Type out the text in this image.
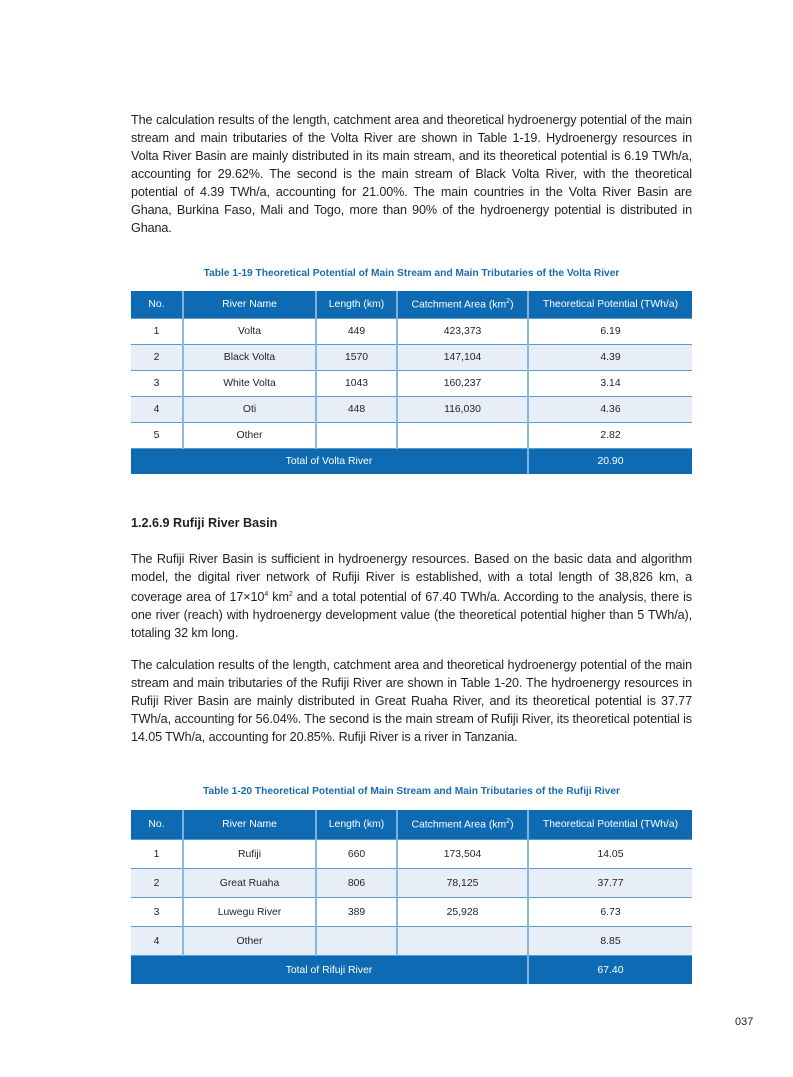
The calculation results of the length, catchment area and theoretical hydroenergy potential of the main stream and main tributaries of the Volta River are shown in Table 1-19. Hydroenergy resources in Volta River Basin are mainly distributed in its main stream, and its theoretical potential is 6.19 TWh/a, accounting for 29.62%. The second is the main stream of Black Volta River, with the theoretical potential of 4.39 TWh/a, accounting for 21.00%. The main countries in the Volta River Basin are Ghana, Burkina Faso, Mali and Togo, more than 90% of the hydroenergy potential is distributed in Ghana.

Table 1-19 Theoretical Potential of Main Stream and Main Tributaries of the Volta River
No.	River Name	Length (km)	Catchment Area $(km^2)$	Theoretical Potential (TWh/a)
1	Volta	449	423,373	6.19
2	Black Volta	1570	147,104	4.39
3	White Volta	1043	160,237	3.14
4	Oti	448	116,030	4.36
5	Other			2.82
Total of Volta River				20.90
1.2.6.9 Rufiji River Basin

The Rufiji River Basin is sufficient in hydroenergy resources. Based on the basic data and algorithm model, the digital river network of Rufiji River is established, with a total length of 38,826 km, a coverage area of $17\times 10^4$ $km^2$ and a total potential of 67.40 TWh/a. According to the analysis, there is one river (reach) with hydroenergy development value (the theoretical potential higher than 5 TWh/a), totaling 32 km long.

The calculation results of the length, catchment area and theoretical hydroenergy potential of the main stream and main tributaries of the Rufiji River are shown in Table 1-20. The hydroenergy resources in Rufiji River Basin are mainly distributed in Great Ruaha River, and its theoretical potential is 37.77 TWh/a, accounting for 56.04%. The second is the main stream of Rufiji River, its theoretical potential is 14.05 TWh/a, accounting for 20.85%. Rufiji River is a river in Tanzania.

Table 1-20 Theoretical Potential of Main Stream and Main Tributaries of the Rufiji River
No.	River Name	Length (km)	Catchment Area $(km^2)$	Theoretical Potential (TWh/a)
1	Rufiji	660	173,504	14.05
2	Great Ruaha	806	78,125	37.77
3	Luwegu River	389	25,928	6.73
4	Other			8.85
Total of Rifuji River				67.40
037
